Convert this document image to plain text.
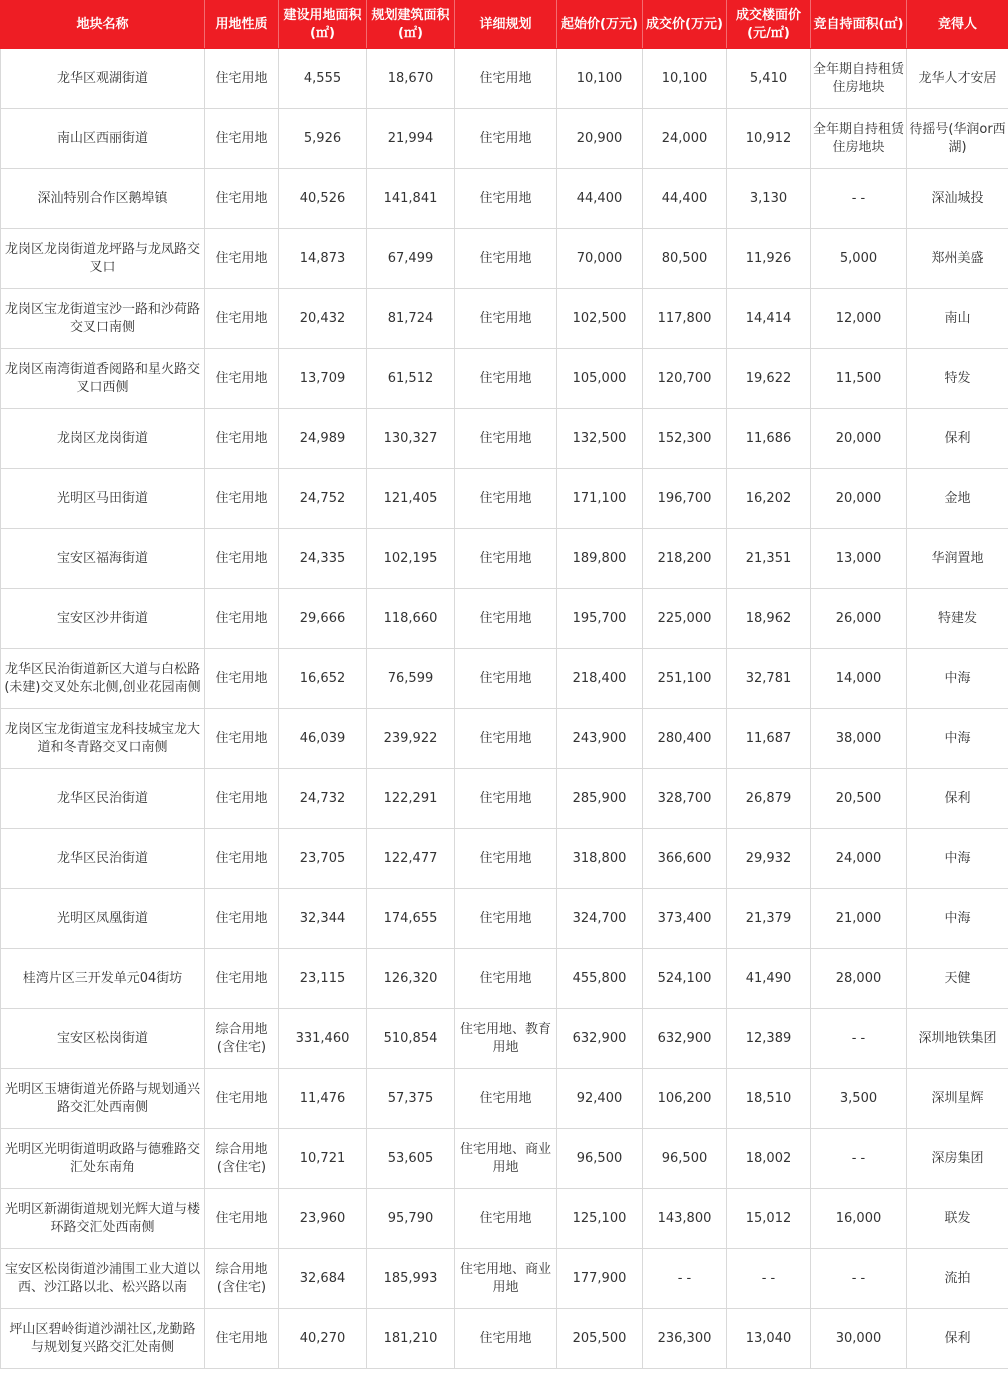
地块名称	用地性质	建设用地面积(㎡)	规划建筑面积(㎡)	详细规划	起始价(万元)	成交价(万元)	成交楼面价(元/㎡)	竞自持面积(㎡)	竞得人
龙华区观湖街道	住宅用地	4,555	18,670	住宅用地	10,100	10,100	5,410	全年期自持租赁住房地块	龙华人才安居
南山区西丽街道	住宅用地	5,926	21,994	住宅用地	20,900	24,000	10,912	全年期自持租赁住房地块	待摇号(华润or西湖)
深汕特别合作区鹅埠镇	住宅用地	40,526	141,841	住宅用地	44,400	44,400	3,130	- -	深汕城投
龙岗区龙岗街道龙坪路与龙凤路交叉口	住宅用地	14,873	67,499	住宅用地	70,000	80,500	11,926	5,000	郑州美盛
龙岗区宝龙街道宝沙一路和沙荷路交叉口南侧	住宅用地	20,432	81,724	住宅用地	102,500	117,800	14,414	12,000	南山
龙岗区南湾街道香阅路和星火路交叉口西侧	住宅用地	13,709	61,512	住宅用地	105,000	120,700	19,622	11,500	特发
龙岗区龙岗街道	住宅用地	24,989	130,327	住宅用地	132,500	152,300	11,686	20,000	保利
光明区马田街道	住宅用地	24,752	121,405	住宅用地	171,100	196,700	16,202	20,000	金地
宝安区福海街道	住宅用地	24,335	102,195	住宅用地	189,800	218,200	21,351	13,000	华润置地
宝安区沙井街道	住宅用地	29,666	118,660	住宅用地	195,700	225,000	18,962	26,000	特建发
龙华区民治街道新区大道与白松路(未建)交叉处东北侧,创业花园南侧	住宅用地	16,652	76,599	住宅用地	218,400	251,100	32,781	14,000	中海
龙岗区宝龙街道宝龙科技城宝龙大道和冬青路交叉口南侧	住宅用地	46,039	239,922	住宅用地	243,900	280,400	11,687	38,000	中海
龙华区民治街道	住宅用地	24,732	122,291	住宅用地	285,900	328,700	26,879	20,500	保利
龙华区民治街道	住宅用地	23,705	122,477	住宅用地	318,800	366,600	29,932	24,000	中海
光明区凤凰街道	住宅用地	32,344	174,655	住宅用地	324,700	373,400	21,379	21,000	中海
桂湾片区三开发单元04街坊	住宅用地	23,115	126,320	住宅用地	455,800	524,100	41,490	28,000	天健
宝安区松岗街道	综合用地(含住宅)	331,460	510,854	住宅用地、教育用地	632,900	632,900	12,389	- -	深圳地铁集团
光明区玉塘街道光侨路与规划通兴路交汇处西南侧	住宅用地	11,476	57,375	住宅用地	92,400	106,200	18,510	3,500	深圳星辉
光明区光明街道明政路与德雅路交汇处东南角	综合用地(含住宅)	10,721	53,605	住宅用地、商业用地	96,500	96,500	18,002	- -	深房集团
光明区新湖街道规划光辉大道与楼环路交汇处西南侧	住宅用地	23,960	95,790	住宅用地	125,100	143,800	15,012	16,000	联发
宝安区松岗街道沙浦围工业大道以西、沙江路以北、松兴路以南	综合用地(含住宅)	32,684	185,993	住宅用地、商业用地	177,900	- -	- -	- -	流拍
坪山区碧岭街道沙湖社区,龙勤路与规划复兴路交汇处南侧	住宅用地	40,270	181,210	住宅用地	205,500	236,300	13,040	30,000	保利
